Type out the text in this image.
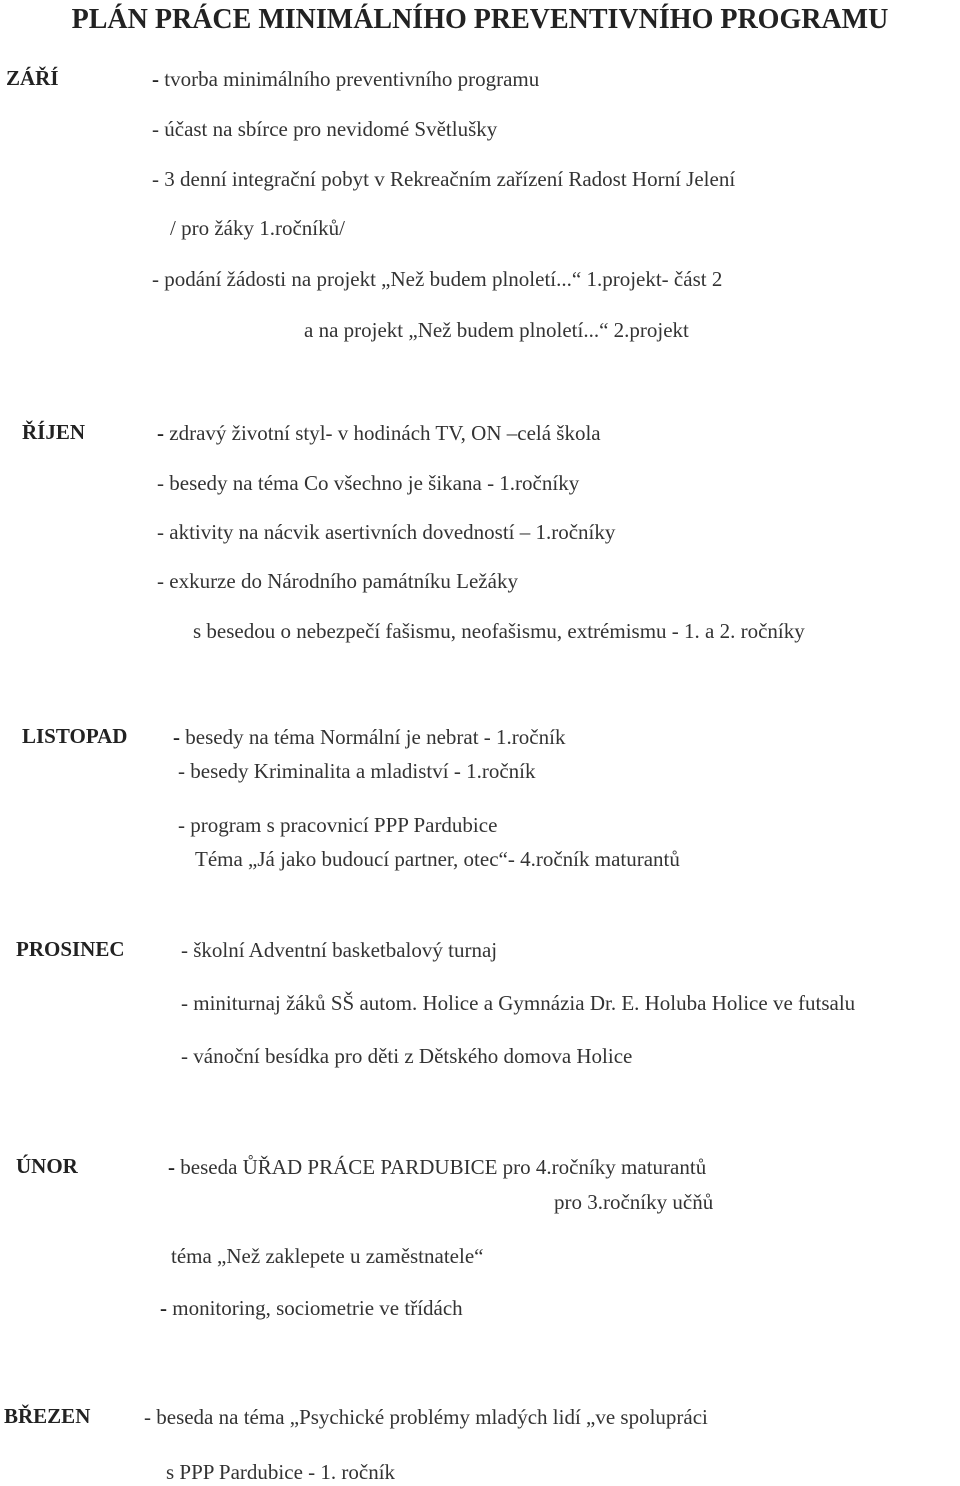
PLÁN PRÁCE MINIMÁLNÍHO PREVENTIVNÍHO PROGRAMU
ZÁŘÍ	- tvorba minimálního preventivního programu
- účast na sbírce pro nevidomé Světlušky
- 3 denní integrační pobyt v Rekreačním zařízení Radost Horní Jelení
/ pro žáky 1.ročníků/
- podání žádosti na projekt „Než budem plnoletí...“ 1.projekt- část 2
a na projekt „Než budem plnoletí...“ 2.projekt
ŘÍJEN	- zdravý životní styl- v hodinách TV, ON –celá škola
- besedy na téma Co všechno je šikana - 1.ročníky
- aktivity na nácvik asertivních dovedností – 1.ročníky
- exkurze do Národního památníku Ležáky
s besedou o nebezpečí fašismu, neofašismu, extrémismu - 1. a 2. ročníky
LISTOPAD - besedy na téma Normální je nebrat - 1.ročník
- besedy Kriminalita a mladiství - 1.ročník
- program s pracovnicí PPP Pardubice
Téma „Já jako budoucí partner, otec“- 4.ročník maturantů
PROSINEC	- školní Adventní basketbalový turnaj
- miniturnaj žáků SŠ autom. Holice a Gymnázia Dr. E. Holuba Holice ve futsalu
- vánoční besídka pro děti z Dětského domova Holice
ÚNOR	- beseda ŮŘAD PRÁCE PARDUBICE pro 4.ročníky maturantů
pro 3.ročníky učňů
téma „Než zaklepete u zaměstnatele“
- monitoring, sociometrie ve třídách
BŘEZEN	- beseda na téma „Psychické problémy mladých lidí „ve spolupráci
s PPP Pardubice - 1. ročník
